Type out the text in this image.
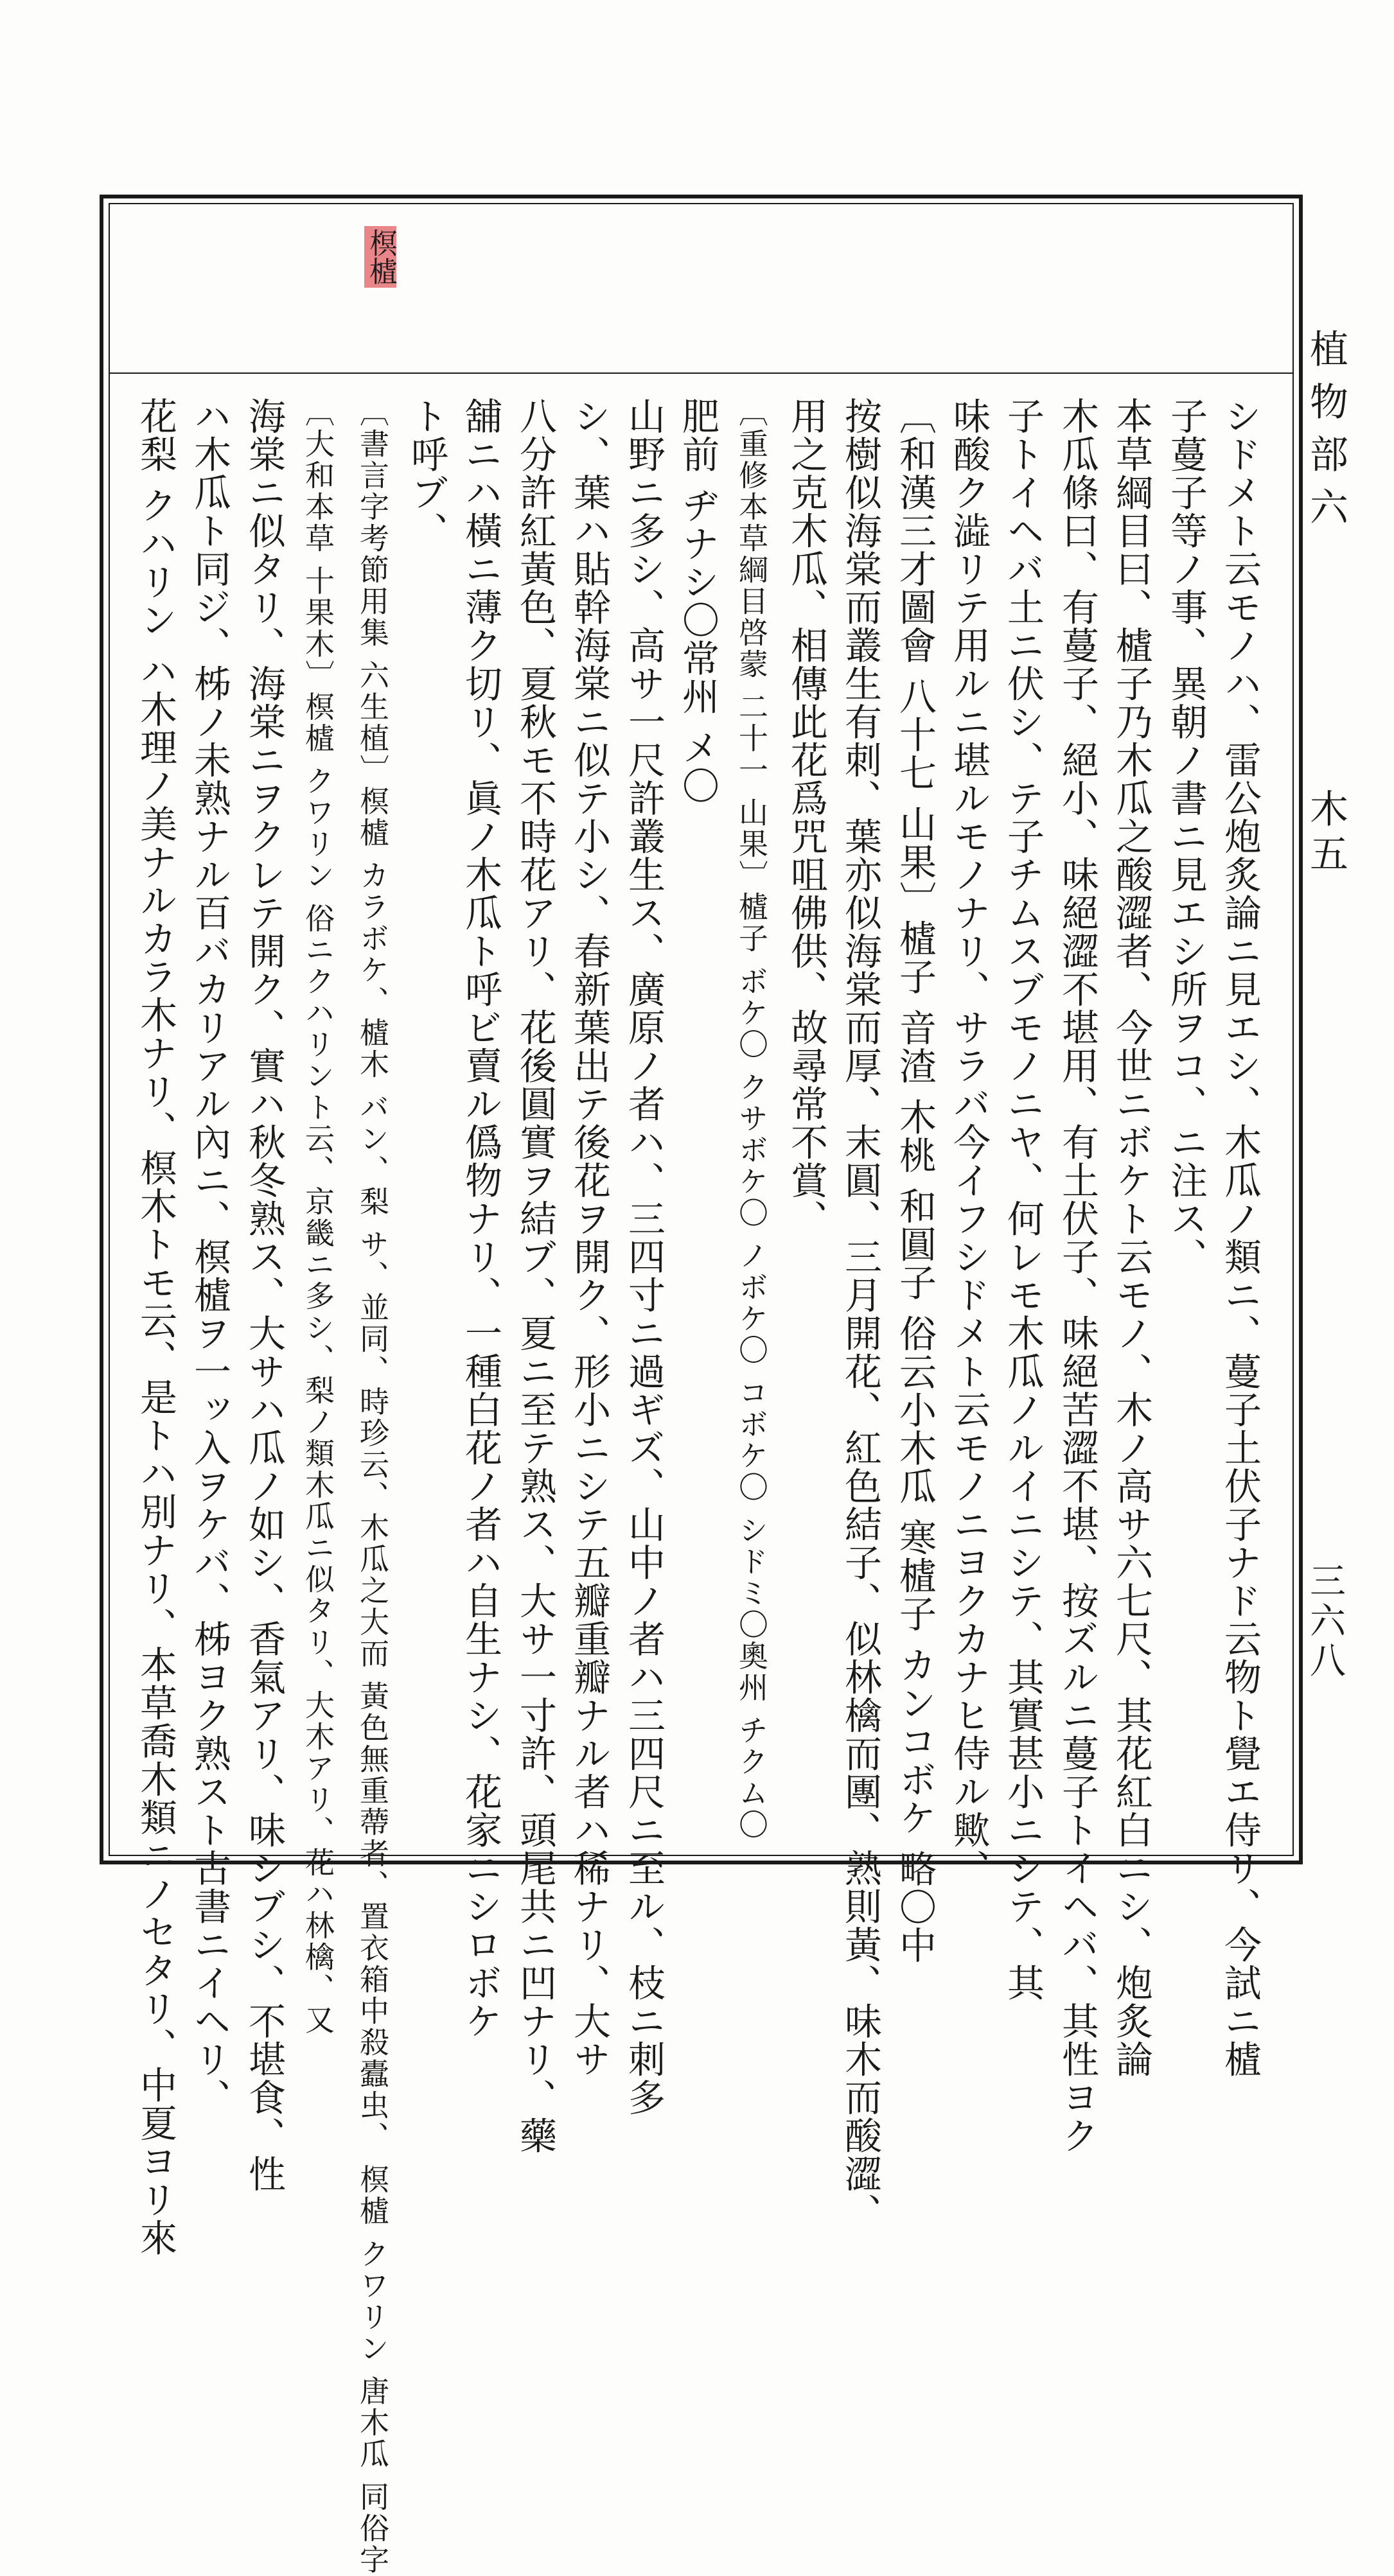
植物部六
木五
三六八
榠樝
シドメト云モノハ、雷公炮炙論ニ見エシ、木瓜ノ類ニ、蔓子土伏子ナド云物ト覺エ侍リ、今試ニ樝
子蔓子等ノ事、異朝ノ書ニ見エシ所ヲコ、ニ注ス、
本草綱目曰、樝子乃木瓜之酸澀者、今世ニボケト云モノ、木ノ高サ六七尺、其花紅白ニシ、炮炙論
木瓜條曰、有蔓子、絕小、味絕澀不堪用、有土伏子、味絕苦澀不堪、按ズルニ蔓子トイヘバ、其性ヨク
子トイヘバ土ニ伏シ、テ子チムスブモノニヤ、何レモ木瓜ノルイニシテ、其實甚小ニシテ、其
味酸ク澁リテ用ルニ堪ルモノナリ、サラバ今イフシドメト云モノニヨクカナヒ侍ル歟、
〔和漢三才圖會 八十七 山果〕樝子 音渣 木桃 和圓子 俗云小木瓜 寒樝子 カンコボケ 略〇中
按樹似海棠而叢生有刺、葉亦似海棠而厚、末圓、三月開花、紅色結子、似林檎而團、熟則黃、味木而酸澀、
用之克木瓜、相傳此花爲咒咀佛供、故尋常不賞、
〔重修本草綱目啓蒙 二十一 山果〕樝子 ボケ〇 クサボケ〇 ノボケ〇 コボケ〇 シドミ〇奧州 チクム〇
肥前 ヂナシ〇常州 メ〇
山野ニ多シ、高サ一尺許叢生ス、廣原ノ者ハ、三四寸ニ過ギズ、山中ノ者ハ三四尺ニ至ル、枝ニ刺多
シ、葉ハ貼幹海棠ニ似テ小シ、春新葉出テ後花ヲ開ク、形小ニシテ五瓣重瓣ナル者ハ稀ナリ、大サ
八分許紅黃色、夏秋モ不時花アリ、花後圓實ヲ結ブ、夏ニ至テ熟ス、大サ一寸許、頭尾共ニ凹ナリ、藥
舖ニハ橫ニ薄ク切リ、眞ノ木瓜ト呼ビ賣ル僞物ナリ、一種白花ノ者ハ自生ナシ、花家ニシロボケ
ト呼ブ、
〔書言字考節用集 六生植〕榠樝 カラボケ、樝木 バン、梨 サ、並同、時珍云、木瓜之大而 黃色無重蔕者、置衣箱中殺蠹虫、 榠樝 クワリン 唐木瓜 同俗字
〔大和本草 十果木〕榠樝 クワリン 俗ニクハリント云、京畿ニ多シ、梨ノ類木瓜ニ似タリ、大木アリ、花ハ林檎、又
海棠ニ似タリ、海棠ニヲクレテ開ク、實ハ秋冬熟ス、大サハ瓜ノ如シ、香氣アリ、味シブシ、不堪食、性
ハ木瓜ト同ジ、柹ノ未熟ナル百バカリアル內ニ、榠樝ヲ一ッ入ヲケバ、柹ヨク熟スト古書ニイヘリ、
花梨 クハリン ハ木理ノ美ナルカラ木ナリ、榠木トモ云、是トハ別ナリ、本草喬木類ニノセタリ、中夏ヨリ來
